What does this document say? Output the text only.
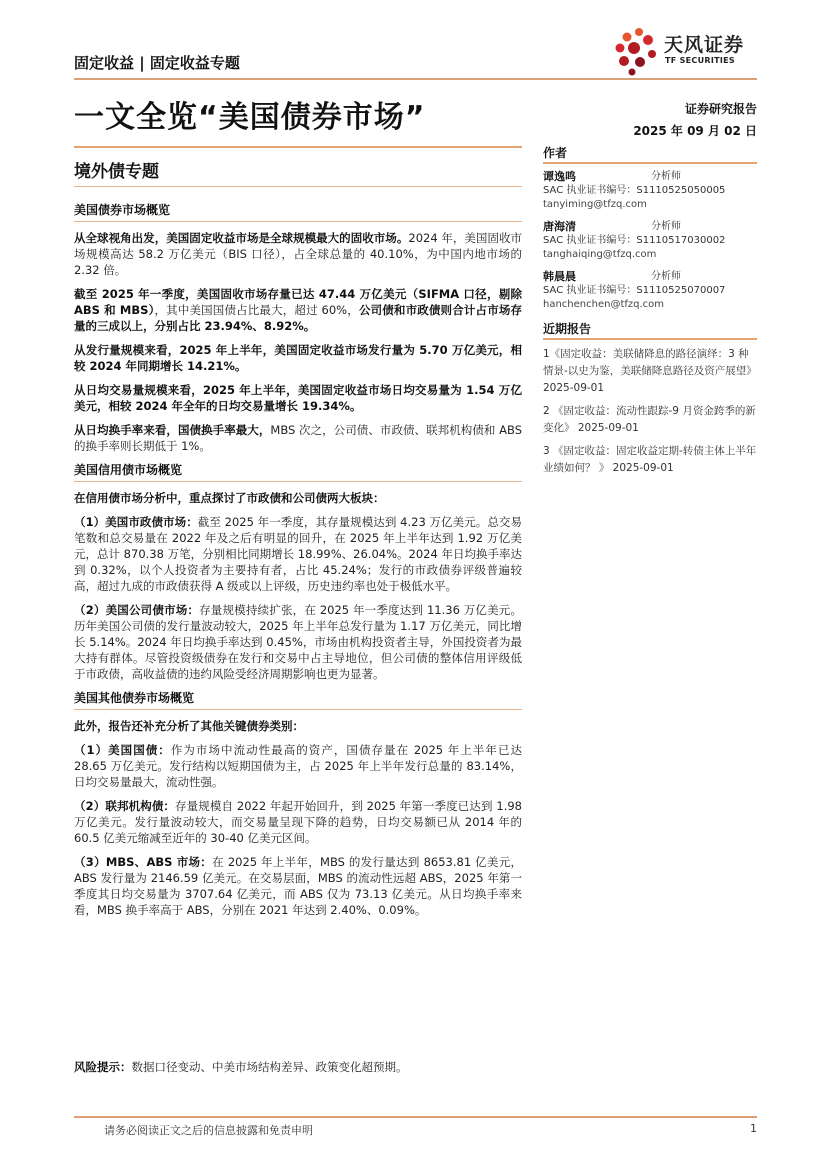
固定收益 | 固定收益专题
天风证券
TF SECURITIES
一文全览“美国债券市场”	证券研究报告
2025 年 09 月 02 日
境外债专题
美国债券市场概览

从全球视角出发，美国固定收益市场是全球规模最大的固收市场。2024 年，美国固收市场规模高达 58.2 万亿美元（BIS 口径），占全球总量的 40.10%，为中国内地市场的 2.32 倍。

截至 2025 年一季度，美国固收市场存量已达 47.44 万亿美元（SIFMA 口径，剔除 ABS 和 MBS），其中美国国债占比最大，超过 60%，公司债和市政债则合计占市场存量的三成以上，分别占比 23.94%、8.92%。

从发行量规模来看，2025 年上半年，美国固定收益市场发行量为 5.70 万亿美元，相较 2024 年同期增长 14.21%。

从日均交易量规模来看，2025 年上半年，美国固定收益市场日均交易量为 1.54 万亿美元，相较 2024 年全年的日均交易量增长 19.34%。

从日均换手率来看，国债换手率最大，MBS 次之，公司债、市政债、联邦机构债和 ABS 的换手率则长期低于 1%。

美国信用债市场概览

在信用债市场分析中，重点探讨了市政债和公司债两大板块：

（1）美国市政债市场：截至 2025 年一季度，其存量规模达到 4.23 万亿美元。总交易笔数和总交易量在 2022 年及之后有明显的回升，在 2025 年上半年达到 1.92 万亿美元，总计 870.38 万笔，分别相比同期增长 18.99%、26.04%。2024 年日均换手率达到 0.32%，以个人投资者为主要持有者，占比 45.24%；发行的市政债券评级普遍较高，超过九成的市政债获得 A 级或以上评级，历史违约率也处于极低水平。

（2）美国公司债市场：存量规模持续扩张，在 2025 年一季度达到 11.36 万亿美元。历年美国公司债的发行量波动较大，2025 年上半年总发行量为 1.17 万亿美元，同比增长 5.14%。2024 年日均换手率达到 0.45%，市场由机构投资者主导，外国投资者为最大持有群体。尽管投资级债券在发行和交易中占主导地位，但公司债的整体信用评级低于市政债，高收益债的违约风险受经济周期影响也更为显著。

美国其他债券市场概览

此外，报告还补充分析了其他关键债券类别：

（1）美国国债：作为市场中流动性最高的资产，国债存量在 2025 年上半年已达 28.65 万亿美元。发行结构以短期国债为主，占 2025 年上半年发行总量的 83.14%，日均交易量最大，流动性强。

（2）联邦机构债：存量规模自 2022 年起开始回升，到 2025 年第一季度已达到 1.98 万亿美元。发行量波动较大，而交易量呈现下降的趋势，日均交易额已从 2014 年的 60.5 亿美元缩减至近年的 30-40 亿美元区间。

（3）MBS、ABS 市场：在 2025 年上半年，MBS 的发行量达到 8653.81 亿美元，ABS 发行量为 2146.59 亿美元。在交易层面，MBS 的流动性远超 ABS，2025 年第一季度其日均交易量为 3707.64 亿美元，而 ABS 仅为 73.13 亿美元。从日均换手率来看，MBS 换手率高于 ABS，分别在 2021 年达到 2.40%、0.09%。

风险提示：数据口径变动、中美市场结构差异、政策变化超预期。
作者
谭逸鸣	分析师
SAC 执业证书编号：S1110525050005
tanyiming@tfzq.com
唐海清	分析师
SAC 执业证书编号：S1110517030002
tanghaiqing@tfzq.com
韩晨晨	分析师
SAC 执业证书编号：S1110525070007
hanchenchen@tfzq.com
近期报告

1《固定收益：美联储降息的路径演绎：3 种情景-以史为鉴，美联储降息路径及资产展望》 2025-09-01

2 《固定收益：流动性跟踪-9 月资金跨季的新变化》 2025-09-01

3 《固定收益：固定收益定期-转债主体上半年业绩如何？ 》 2025-09-01

请务必阅读正文之后的信息披露和免责申明	1
